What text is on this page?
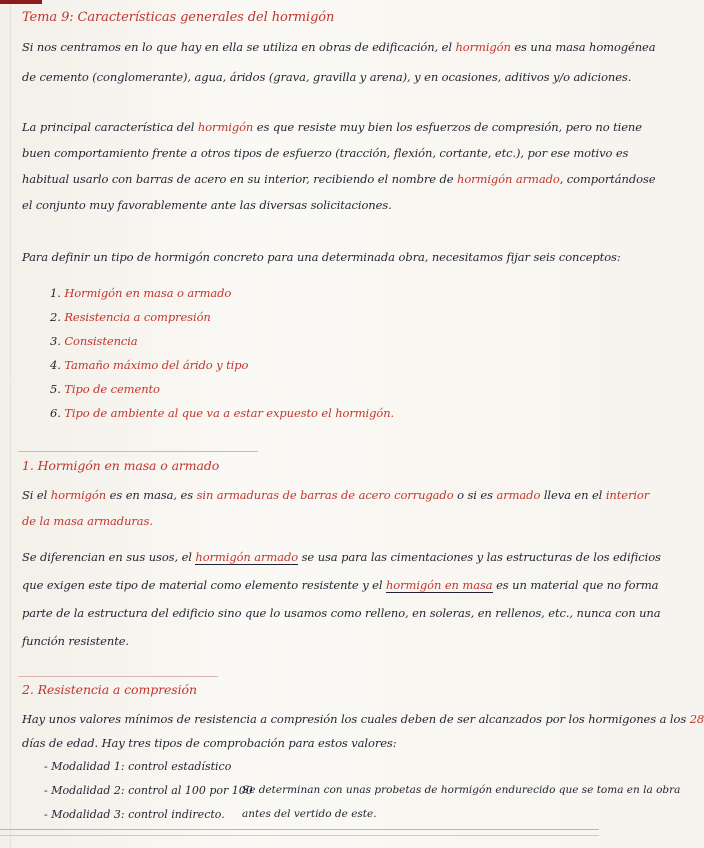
Tema 9: Características generales del hormigón
Si nos centramos en lo que hay en ella se utiliza en obras de edificación, el hormigón es una masa homogénea
de cemento (conglomerante), agua, áridos (grava, gravilla y arena), y en ocasiones, aditivos y/o adiciones.
La principal característica del hormigón es que resiste muy bien los esfuerzos de compresión, pero no tiene
buen comportamiento frente a otros tipos de esfuerzo (tracción, flexión, cortante, etc.), por ese motivo es
habitual usarlo con barras de acero en su interior, recibiendo el nombre de hormigón armado, comportándose
el conjunto muy favorablemente ante las diversas solicitaciones.
Para definir un tipo de hormigón concreto para una determinada obra, necesitamos fijar seis conceptos:
1. Hormigón en masa o armado
2. Resistencia a compresión
3. Consistencia
4. Tamaño máximo del árido y tipo
5. Tipo de cemento
6. Tipo de ambiente al que va a estar expuesto el hormigón.
1. Hormigón en masa o armado
Si el hormigón es en masa, es sin armaduras de barras de acero corrugado o si es armado lleva en el interior
de la masa armaduras.
Se diferencian en sus usos, el hormigón armado se usa para las cimentaciones y las estructuras de los edificios
que exigen este tipo de material como elemento resistente y el hormigón en masa es un material que no forma
parte de la estructura del edificio sino que lo usamos como relleno, en soleras, en rellenos, etc., nunca con una
función resistente.
2. Resistencia a compresión
Hay unos valores mínimos de resistencia a compresión los cuales deben de ser alcanzados por los hormigones a los 28
días de edad. Hay tres tipos de comprobación para estos valores:
- Modalidad 1: control estadístico
- Modalidad 2: control al 100 por 100
- Modalidad 3: control indirecto.
Se determinan con unas probetas de hormigón endurecido que se toma en la obra
antes del vertido de este.
